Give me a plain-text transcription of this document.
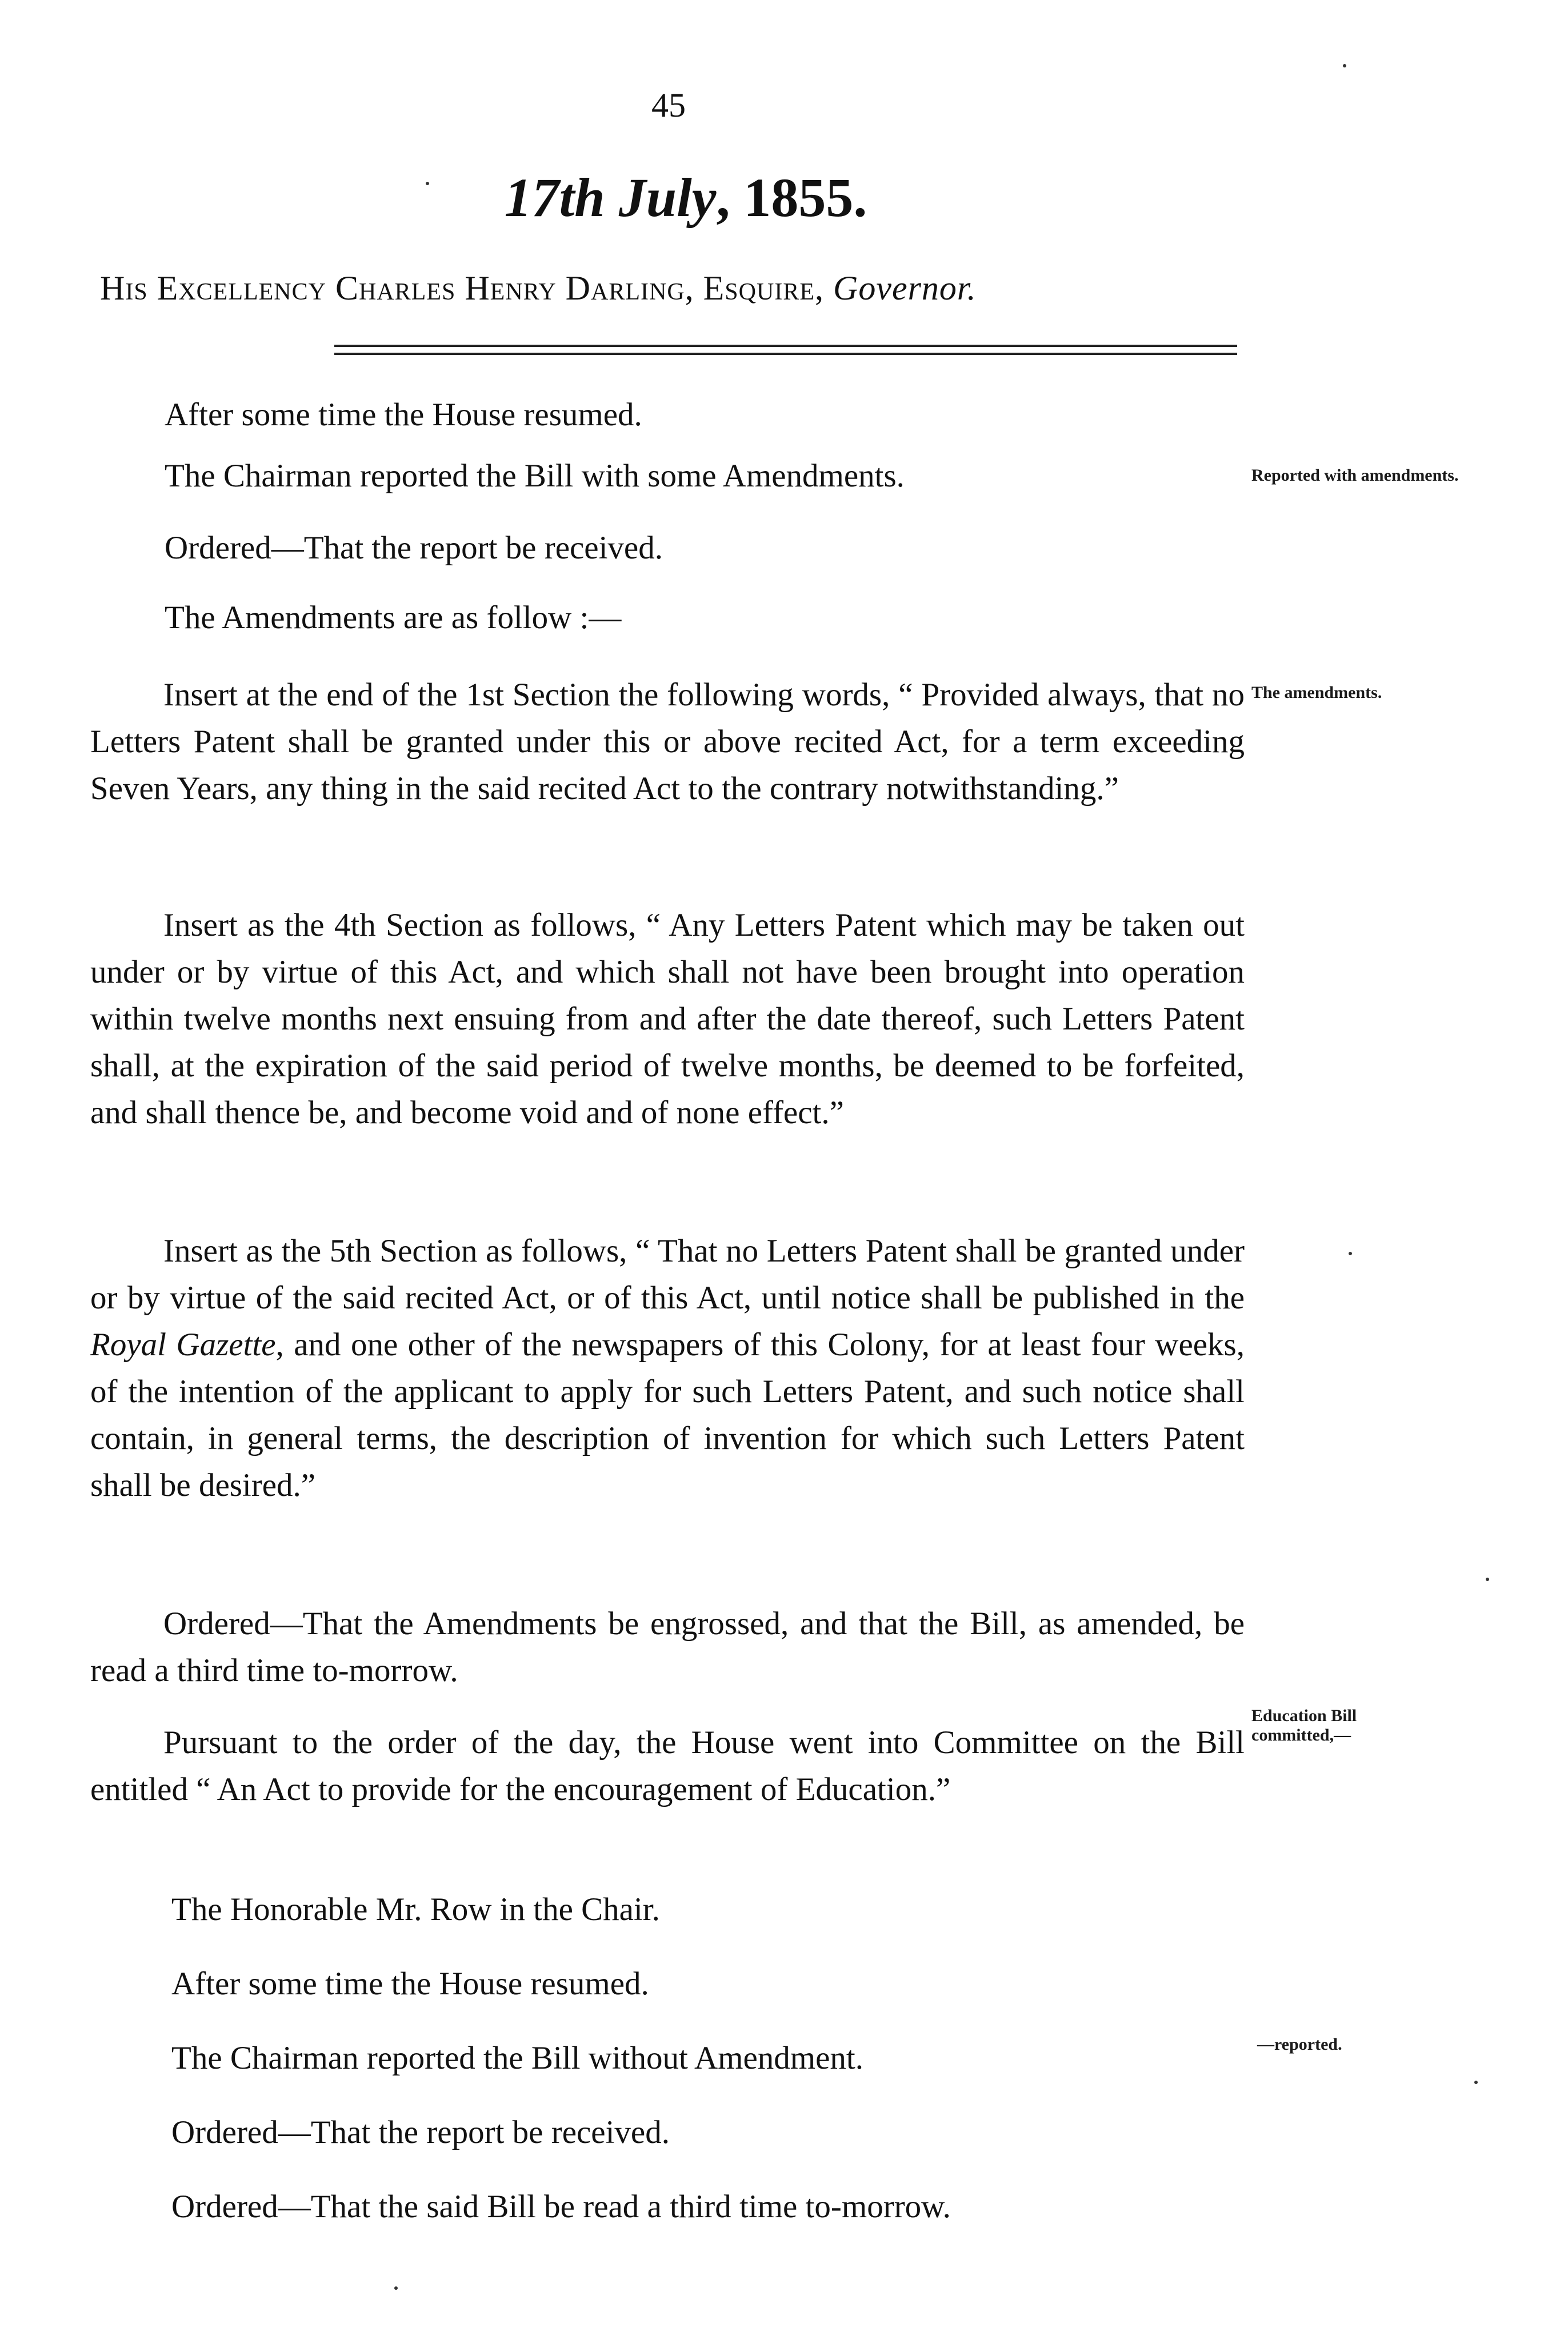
45
17th July, 1855.
His Excellency Charles Henry Darling, Esquire, Governor.
After some time the House resumed.
The Chairman reported the Bill with some Amendments.
Ordered—That the report be received.
The Amendments are as follow :—
Insert at the end of the 1st Section the following words, “ Provided always, that no Letters Patent shall be granted under this or above recited Act, for a term exceeding Seven Years, any thing in the said recited Act to the contrary notwithstanding.”
Insert as the 4th Section as follows, “ Any Letters Patent which may be taken out under or by virtue of this Act, and which shall not have been brought into operation within twelve months next ensuing from and after the date thereof, such Letters Patent shall, at the expiration of the said period of twelve months, be deemed to be forfeited, and shall thence be, and become void and of none effect.”
Insert as the 5th Section as follows, “ That no Letters Patent shall be granted under or by virtue of the said recited Act, or of this Act, until notice shall be published in the Royal Gazette, and one other of the newspapers of this Colony, for at least four weeks, of the intention of the applicant to apply for such Letters Patent, and such notice shall contain, in general terms, the description of invention for which such Letters Patent shall be desired.”
Ordered—That the Amendments be engrossed, and that the Bill, as amended, be read a third time to-morrow.
Pursuant to the order of the day, the House went into Committee on the Bill entitled “ An Act to provide for the encouragement of Education.”
The Honorable Mr. Row in the Chair.
After some time the House resumed.
The Chairman reported the Bill without Amendment.
Ordered—That the report be received.
Ordered—That the said Bill be read a third time to-morrow.
Reported with amendments.
The amendments.
Education Bill committed,—
—reported.
